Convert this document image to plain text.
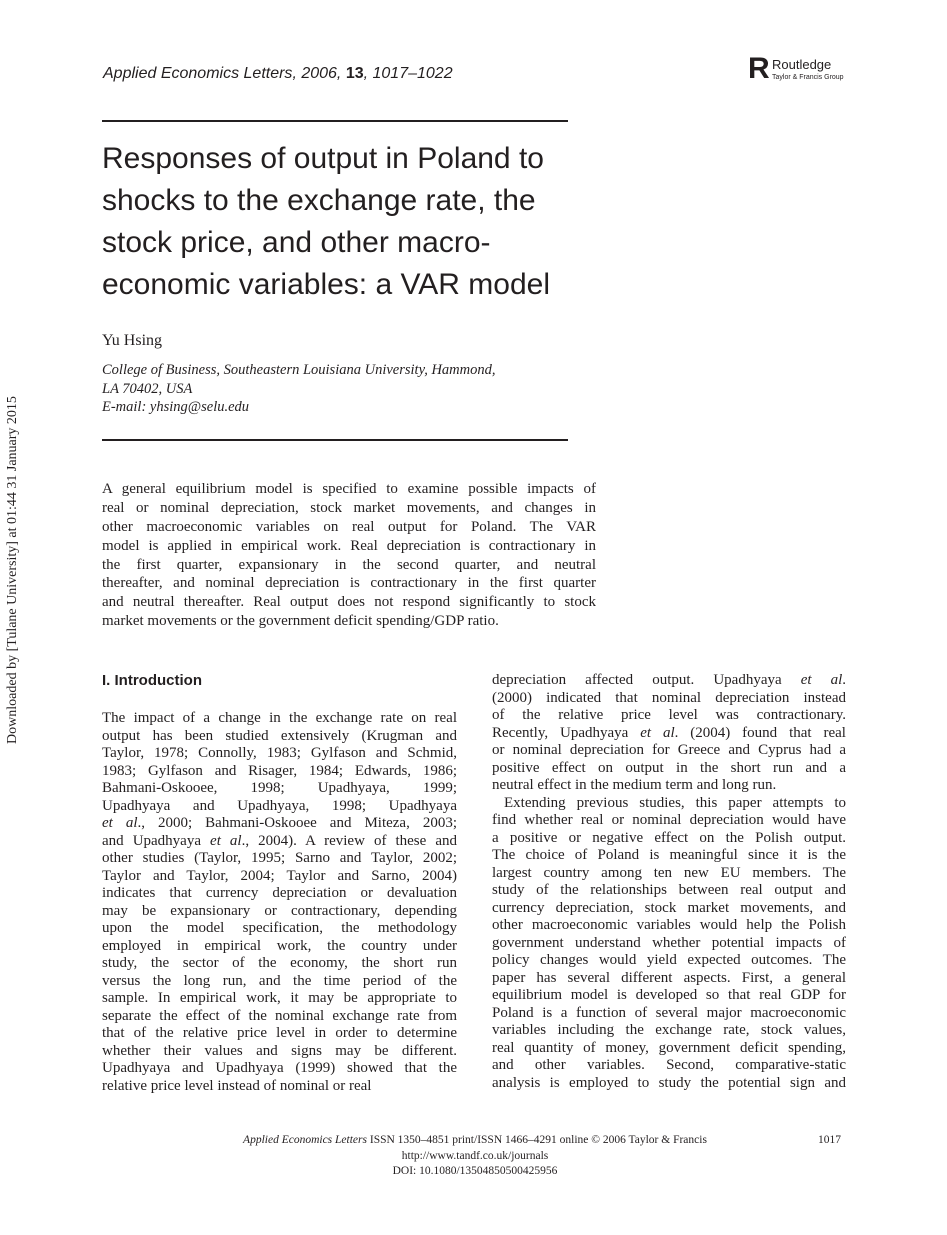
Applied Economics Letters, 2006, 13, 1017–1022	R Routledge
Taylor & Francis Group
Responses of output in Poland to
shocks to the exchange rate, the
stock price, and other macro-
economic variables: a VAR model
Yu Hsing
College of Business, Southeastern Louisiana University, Hammond,
LA 70402, USA
E-mail: yhsing@selu.edu
A general equilibrium model is specified to examine possible impacts of
real or nominal depreciation, stock market movements, and changes in
other macroeconomic variables on real output for Poland. The VAR
model is applied in empirical work. Real depreciation is contractionary in
the first quarter, expansionary in the second quarter, and neutral
thereafter, and nominal depreciation is contractionary in the first quarter
and neutral thereafter. Real output does not respond significantly to stock
market movements or the government deficit spending/GDP ratio.
I. Introduction
The impact of a change in the exchange rate on real
output has been studied extensively (Krugman and
Taylor, 1978; Connolly, 1983; Gylfason and Schmid,
1983; Gylfason and Risager, 1984; Edwards, 1986;
Bahmani-Oskooee, 1998; Upadhyaya, 1999;
Upadhyaya and Upadhyaya, 1998; Upadhyaya
et al., 2000; Bahmani-Oskooee and Miteza, 2003;
and Upadhyaya et al., 2004). A review of these and
other studies (Taylor, 1995; Sarno and Taylor, 2002;
Taylor and Taylor, 2004; Taylor and Sarno, 2004)
indicates that currency depreciation or devaluation
may be expansionary or contractionary, depending
upon the model specification, the methodology
employed in empirical work, the country under
study, the sector of the economy, the short run
versus the long run, and the time period of the
sample. In empirical work, it may be appropriate to
separate the effect of the nominal exchange rate from
that of the relative price level in order to determine
whether their values and signs may be different.
Upadhyaya and Upadhyaya (1999) showed that the
relative price level instead of nominal or real
depreciation affected output. Upadhyaya et al.
(2000) indicated that nominal depreciation instead
of the relative price level was contractionary.
Recently, Upadhyaya et al. (2004) found that real
or nominal depreciation for Greece and Cyprus had a
positive effect on output in the short run and a
neutral effect in the medium term and long run.
Extending previous studies, this paper attempts to
find whether real or nominal depreciation would have
a positive or negative effect on the Polish output.
The choice of Poland is meaningful since it is the
largest country among ten new EU members. The
study of the relationships between real output and
currency depreciation, stock market movements, and
other macroeconomic variables would help the Polish
government understand whether potential impacts of
policy changes would yield expected outcomes. The
paper has several different aspects. First, a general
equilibrium model is developed so that real GDP for
Poland is a function of several major macroeconomic
variables including the exchange rate, stock values,
real quantity of money, government deficit spending,
and other variables. Second, comparative-static
analysis is employed to study the potential sign and
Applied Economics Letters ISSN 1350–4851 print/ISSN 1466–4291 online © 2006 Taylor & Francis
http://www.tandf.co.uk/journals
DOI: 10.1080/13504850500425956
1017
Downloaded by [Tulane University] at 01:44 31 January 2015
